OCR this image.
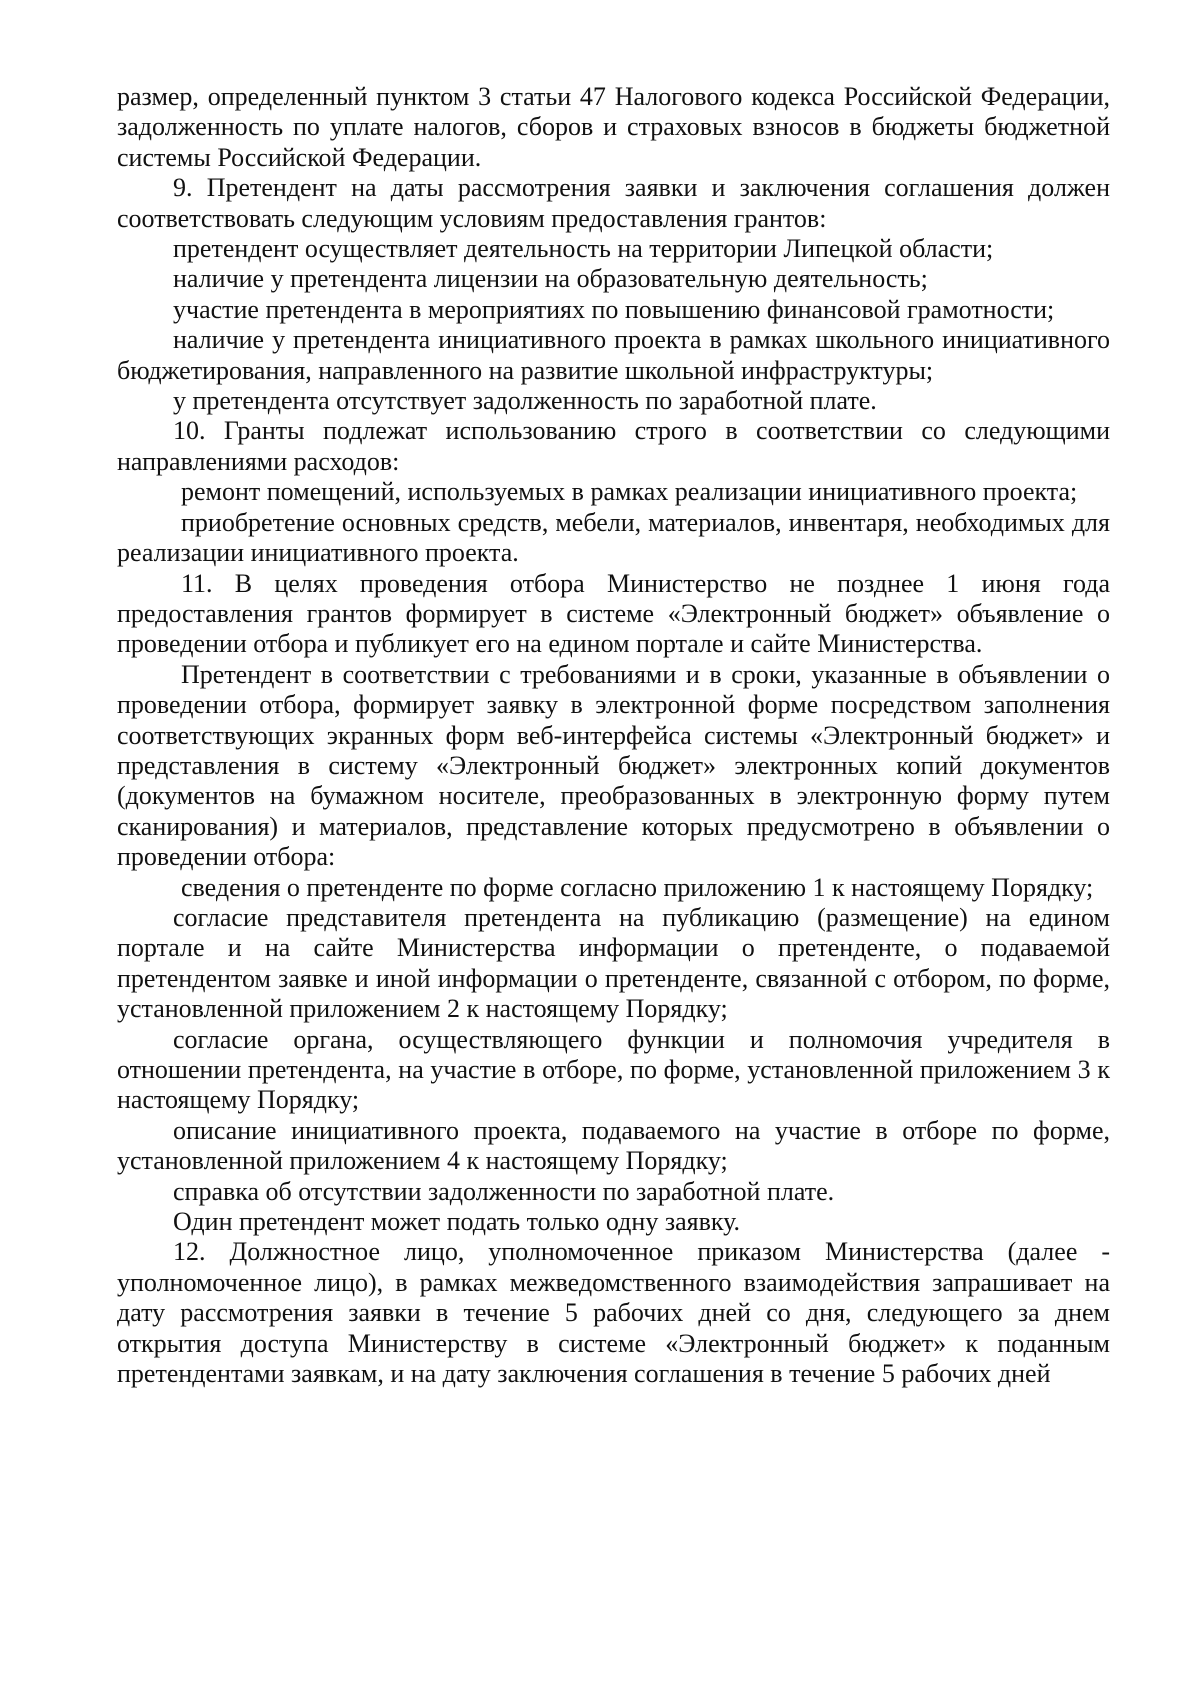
размер, определенный пунктом 3 статьи 47 Налогового кодекса Российской Федерации, задолженность по уплате налогов, сборов и страховых взносов в бюджеты бюджетной системы Российской Федерации.

9. Претендент на даты рассмотрения заявки и заключения соглашения должен соответствовать следующим условиям предоставления грантов:

претендент осуществляет деятельность на территории Липецкой области;

наличие у претендента лицензии на образовательную деятельность;

участие претендента в мероприятиях по повышению финансовой грамотности;

наличие у претендента инициативного проекта в рамках школьного инициативного бюджетирования, направленного на развитие школьной инфраструктуры;

у претендента отсутствует задолженность по заработной плате.

10. Гранты подлежат использованию строго в соответствии со следующими направлениями расходов:

ремонт помещений, используемых в рамках реализации инициативного проекта;

приобретение основных средств, мебели, материалов, инвентаря, необходимых для реализации инициативного проекта.

11. В целях проведения отбора Министерство не позднее 1 июня года предоставления грантов формирует в системе «Электронный бюджет» объявление о проведении отбора и публикует его на едином портале и сайте Министерства.

Претендент в соответствии с требованиями и в сроки, указанные в объявлении о проведении отбора, формирует заявку в электронной форме посредством заполнения соответствующих экранных форм веб-интерфейса системы «Электронный бюджет» и представления в систему «Электронный бюджет» электронных копий документов (документов на бумажном носителе, преобразованных в электронную форму путем сканирования) и материалов, представление которых предусмотрено в объявлении о проведении отбора:

сведения о претенденте по форме согласно приложению 1 к настоящему Порядку;

согласие представителя претендента на публикацию (размещение) на едином портале и на сайте Министерства информации о претенденте, о подаваемой претендентом заявке и иной информации о претенденте, связанной с отбором, по форме, установленной приложением 2 к настоящему Порядку;

согласие органа, осуществляющего функции и полномочия учредителя в отношении претендента, на участие в отборе, по форме, установленной приложением 3 к настоящему Порядку;

описание инициативного проекта, подаваемого на участие в отборе по форме, установленной приложением 4 к настоящему Порядку;

справка об отсутствии задолженности по заработной плате.

Один претендент может подать только одну заявку.

12. Должностное лицо, уполномоченное приказом Министерства (далее - уполномоченное лицо), в рамках межведомственного взаимодействия запрашивает на дату рассмотрения заявки в течение 5 рабочих дней со дня, следующего за днем открытия доступа Министерству в системе «Электронный бюджет» к поданным претендентами заявкам, и на дату заключения соглашения в течение 5 рабочих дней
